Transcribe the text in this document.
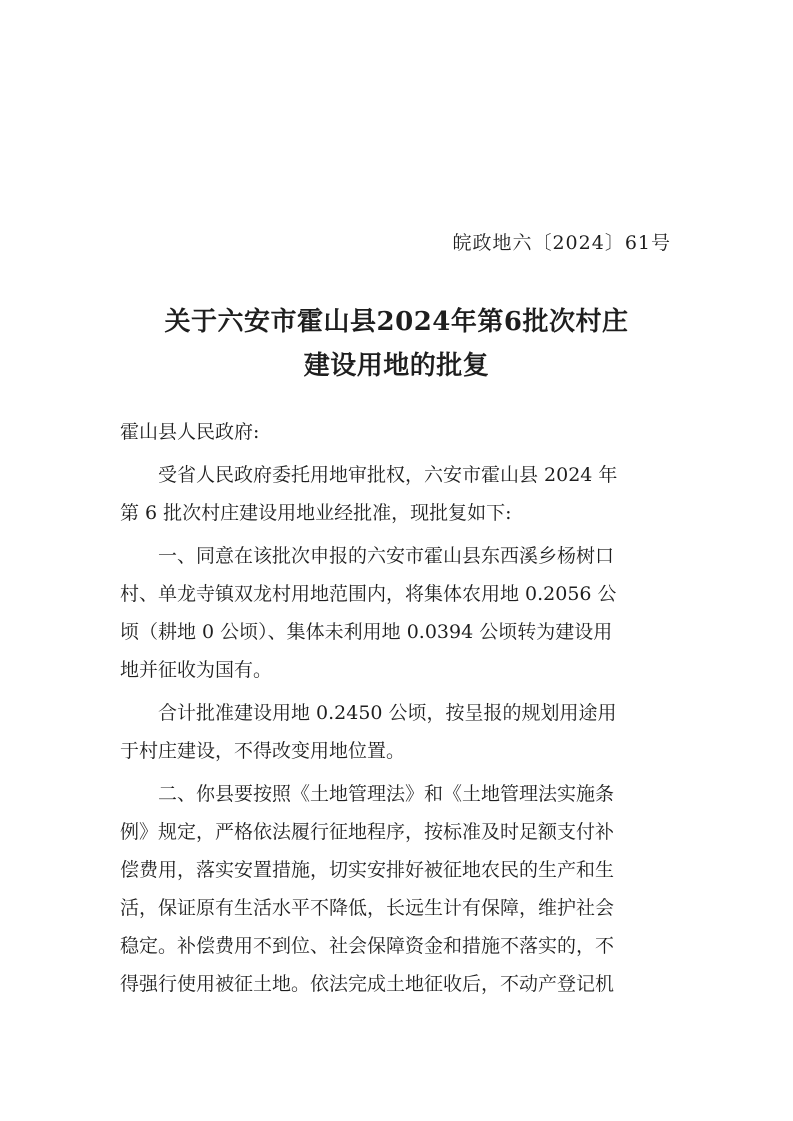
皖政地六〔2024〕61号
关于六安市霍山县2024年第6批次村庄
建设用地的批复
霍山县人民政府:
　　受省人民政府委托用地审批权，六安市霍山县 2024 年
第 6 批次村庄建设用地业经批准，现批复如下:
　　一、同意在该批次申报的六安市霍山县东西溪乡杨树口
村、单龙寺镇双龙村用地范围内，将集体农用地 0.2056 公
顷（耕地 0 公顷）、集体未利用地 0.0394 公顷转为建设用
地并征收为国有。
　　合计批准建设用地 0.2450 公顷，按呈报的规划用途用
于村庄建设，不得改变用地位置。
　　二、你县要按照《土地管理法》和《土地管理法实施条
例》规定，严格依法履行征地程序，按标准及时足额支付补
偿费用，落实安置措施，切实安排好被征地农民的生产和生
活，保证原有生活水平不降低，长远生计有保障，维护社会
稳定。补偿费用不到位、社会保障资金和措施不落实的，不
得强行使用被征土地。依法完成土地征收后，不动产登记机
